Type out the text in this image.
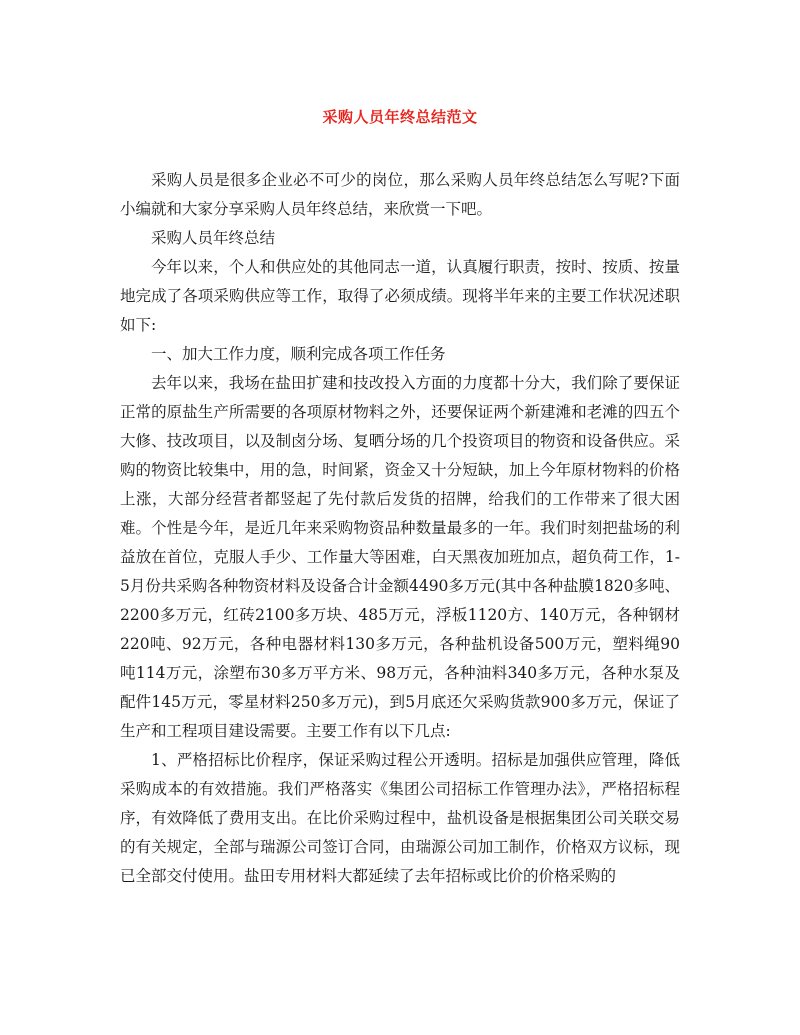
采购人员年终总结范文

采购人员是很多企业必不可少的岗位，那么采购人员年终总结怎么写呢?下面小编就和大家分享采购人员年终总结，来欣赏一下吧。

采购人员年终总结

今年以来，个人和供应处的其他同志一道，认真履行职责，按时、按质、按量地完成了各项采购供应等工作，取得了必须成绩。现将半年来的主要工作状况述职如下:

一、加大工作力度，顺利完成各项工作任务

去年以来，我场在盐田扩建和技改投入方面的力度都十分大，我们除了要保证正常的原盐生产所需要的各项原材物料之外，还要保证两个新建滩和老滩的四五个大修、技改项目，以及制卤分场、复晒分场的几个投资项目的物资和设备供应。采购的物资比较集中，用的急，时间紧，资金又十分短缺，加上今年原材物料的价格上涨，大部分经营者都竖起了先付款后发货的招牌，给我们的工作带来了很大困难。个性是今年，是近几年来采购物资品种数量最多的一年。我们时刻把盐场的利益放在首位，克服人手少、工作量大等困难，白天黑夜加班加点，超负荷工作，1-5月份共采购各种物资材料及设备合计金额4490多万元(其中各种盐膜1820多吨、2200多万元，红砖2100多万块、485万元，浮板1120方、140万元，各种钢材220吨、92万元，各种电器材料130多万元，各种盐机设备500万元，塑料绳90吨114万元，涂塑布30多万平方米、98万元，各种油料340多万元，各种水泵及配件145万元，零星材料250多万元)，到5月底还欠采购货款900多万元，保证了生产和工程项目建设需要。主要工作有以下几点:

1、严格招标比价程序，保证采购过程公开透明。招标是加强供应管理，降低采购成本的有效措施。我们严格落实《集团公司招标工作管理办法》，严格招标程序，有效降低了费用支出。在比价采购过程中，盐机设备是根据集团公司关联交易的有关规定，全部与瑞源公司签订合同，由瑞源公司加工制作，价格双方议标，现已全部交付使用。盐田专用材料大都延续了去年招标或比价的价格采购的
